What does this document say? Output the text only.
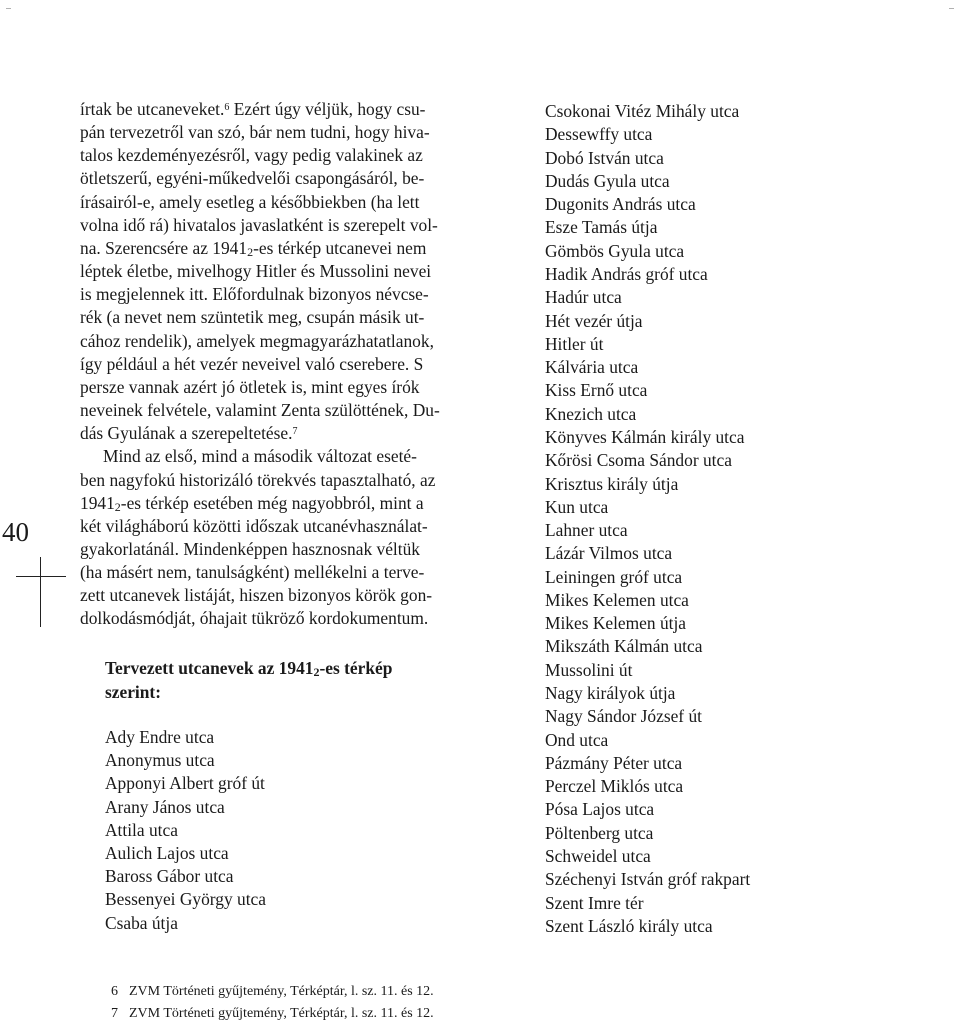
40

írtak be utcaneveket.$^6$ Ezért úgy véljük, hogy csu-
pán tervezetről van szó, bár nem tudni, hogy hiva-
talos kezdeményezésről, vagy pedig valakinek az
ötletszerű, egyéni-műkedvelői csapongásáról, be-
írásairól-e, amely esetleg a későbbiekben (ha lett
volna idő rá) hivatalos javaslatként is szerepelt vol-
na. Szerencsére az $1941_2-es$ térkép utcanevei nem
léptek életbe, mivelhogy Hitler és Mussolini nevei
is megjelennek itt. Előfordulnak bizonyos névcse-
rék (a nevet nem szüntetik meg, csupán másik ut-
cához rendelik), amelyek megmagyarázhatatlanok,
így például a hét vezér neveivel való cserebere. S
persze vannak azért jó ötletek is, mint egyes írók
neveinek felvétele, valamint Zenta szülöttének, Du-
dás Gyulának a szerepeltetése.$^7$

Mind az első, mind a második változat eseté-
ben nagyfokú historizáló törekvés tapasztalható, az
$1941_2-es$ térkép esetében még nagyobbról, mint a
két világháború közötti időszak utcanévhasználat-
gyakorlatánál. Mindenképpen hasznosnak véltük
(ha másért nem, tanulságként) mellékelni a terve-
zett utcanevek listáját, hiszen bizonyos körök gon-
dolkodásmódját, óhajait tükröző kordokumentum.

Tervezett utcanevek az $1941_2-es$ térkép
szerint:
Ady Endre utca
Anonymus utca
Apponyi Albert gróf út
Arany János utca
Attila utca
Aulich Lajos utca
Baross Gábor utca
Bessenyei György utca
Csaba útja
Csokonai Vitéz Mihály utca
Dessewffy utca
Dobó István utca
Dudás Gyula utca
Dugonits András utca
Esze Tamás útja
Gömbös Gyula utca
Hadik András gróf utca
Hadúr utca
Hét vezér útja
Hitler út
Kálvária utca
Kiss Ernő utca
Knezich utca
Könyves Kálmán király utca
Kőrösi Csoma Sándor utca
Krisztus király útja
Kun utca
Lahner utca
Lázár Vilmos utca
Leiningen gróf utca
Mikes Kelemen utca
Mikes Kelemen útja
Mikszáth Kálmán utca
Mussolini út
Nagy királyok útja
Nagy Sándor József út
Ond utca
Pázmány Péter utca
Perczel Miklós utca
Pósa Lajos utca
Pöltenberg utca
Schweidel utca
Széchenyi István gróf rakpart
Szent Imre tér
Szent László király utca
6 ZVM Történeti gyűjtemény, Térképtár, l. sz. 11. és 12.
7 ZVM Történeti gyűjtemény, Térképtár, l. sz. 11. és 12.
